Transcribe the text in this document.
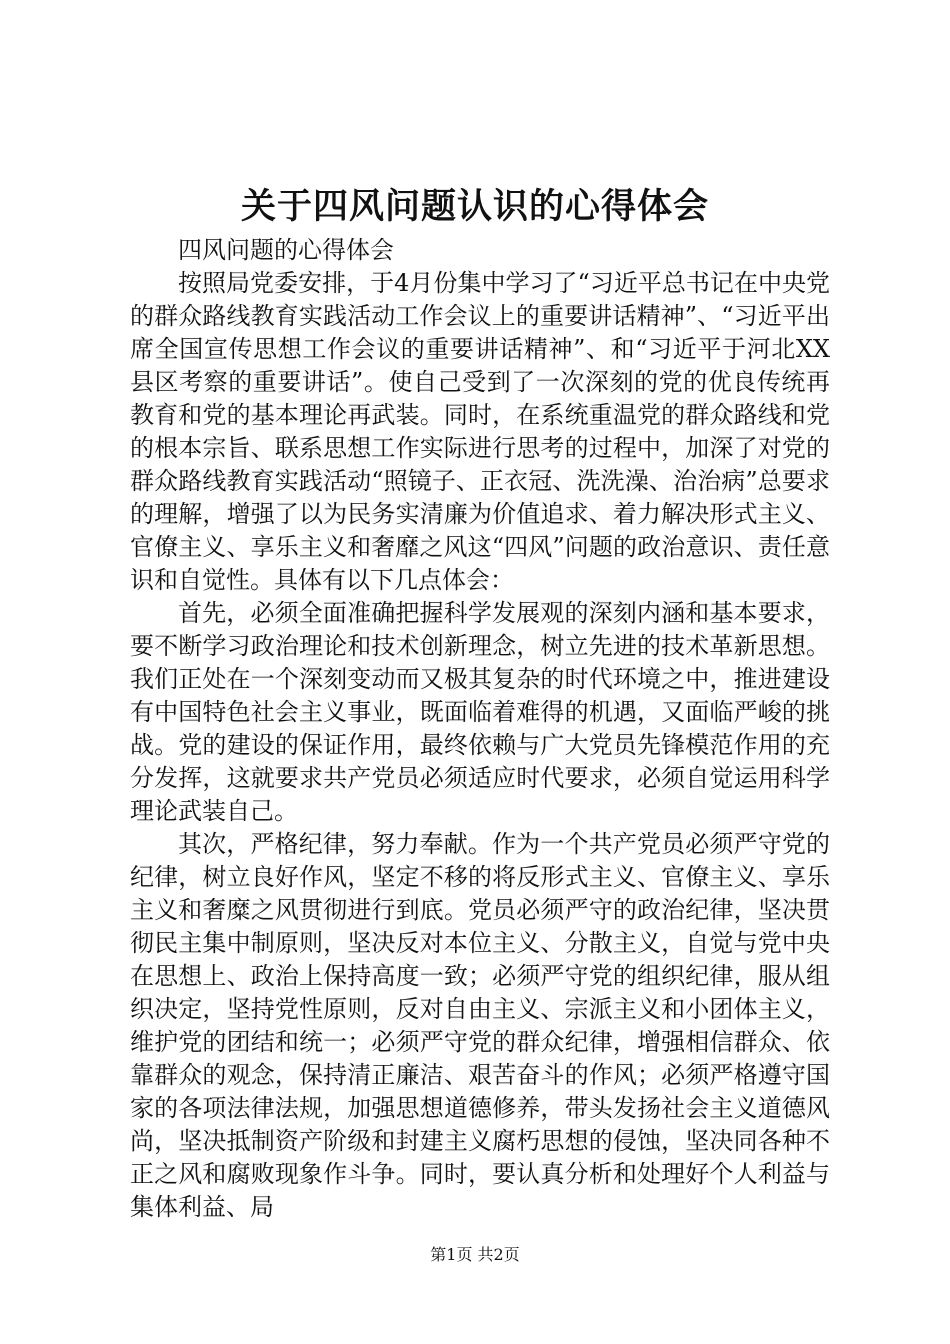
关于四风问题认识的心得体会

四风问题的心得体会

按照局党委安排，于4月份集中学习了“习近平总书记在中央党的群众路线教育实践活动工作会议上的重要讲话精神”、“习近平出席全国宣传思想工作会议的重要讲话精神”、和“习近平于河北XX县区考察的重要讲话”。使自己受到了一次深刻的党的优良传统再教育和党的基本理论再武装。同时，在系统重温党的群众路线和党的根本宗旨、联系思想工作实际进行思考的过程中，加深了对党的群众路线教育实践活动“照镜子、正衣冠、洗洗澡、治治病”总要求的理解，增强了以为民务实清廉为价值追求、着力解决形式主义、官僚主义、享乐主义和奢靡之风这“四风”问题的政治意识、责任意识和自觉性。具体有以下几点体会：

首先，必须全面准确把握科学发展观的深刻内涵和基本要求，要不断学习政治理论和技术创新理念，树立先进的技术革新思想。我们正处在一个深刻变动而又极其复杂的时代环境之中，推进建设有中国特色社会主义事业，既面临着难得的机遇，又面临严峻的挑战。党的建设的保证作用，最终依赖与广大党员先锋模范作用的充分发挥，这就要求共产党员必须适应时代要求，必须自觉运用科学理论武装自己。

其次，严格纪律，努力奉献。作为一个共产党员必须严守党的纪律，树立良好作风，坚定不移的将反形式主义、官僚主义、享乐主义和奢糜之风贯彻进行到底。党员必须严守的政治纪律，坚决贯彻民主集中制原则，坚决反对本位主义、分散主义，自觉与党中央在思想上、政治上保持高度一致；必须严守党的组织纪律，服从组织决定，坚持党性原则，反对自由主义、宗派主义和小团体主义，维护党的团结和统一；必须严守党的群众纪律，增强相信群众、依靠群众的观念，保持清正廉洁、艰苦奋斗的作风；必须严格遵守国家的各项法律法规，加强思想道德修养，带头发扬社会主义道德风尚，坚决抵制资产阶级和封建主义腐朽思想的侵蚀，坚决同各种不正之风和腐败现象作斗争。同时，要认真分析和处理好个人利益与集体利益、局

第1页 共2页
